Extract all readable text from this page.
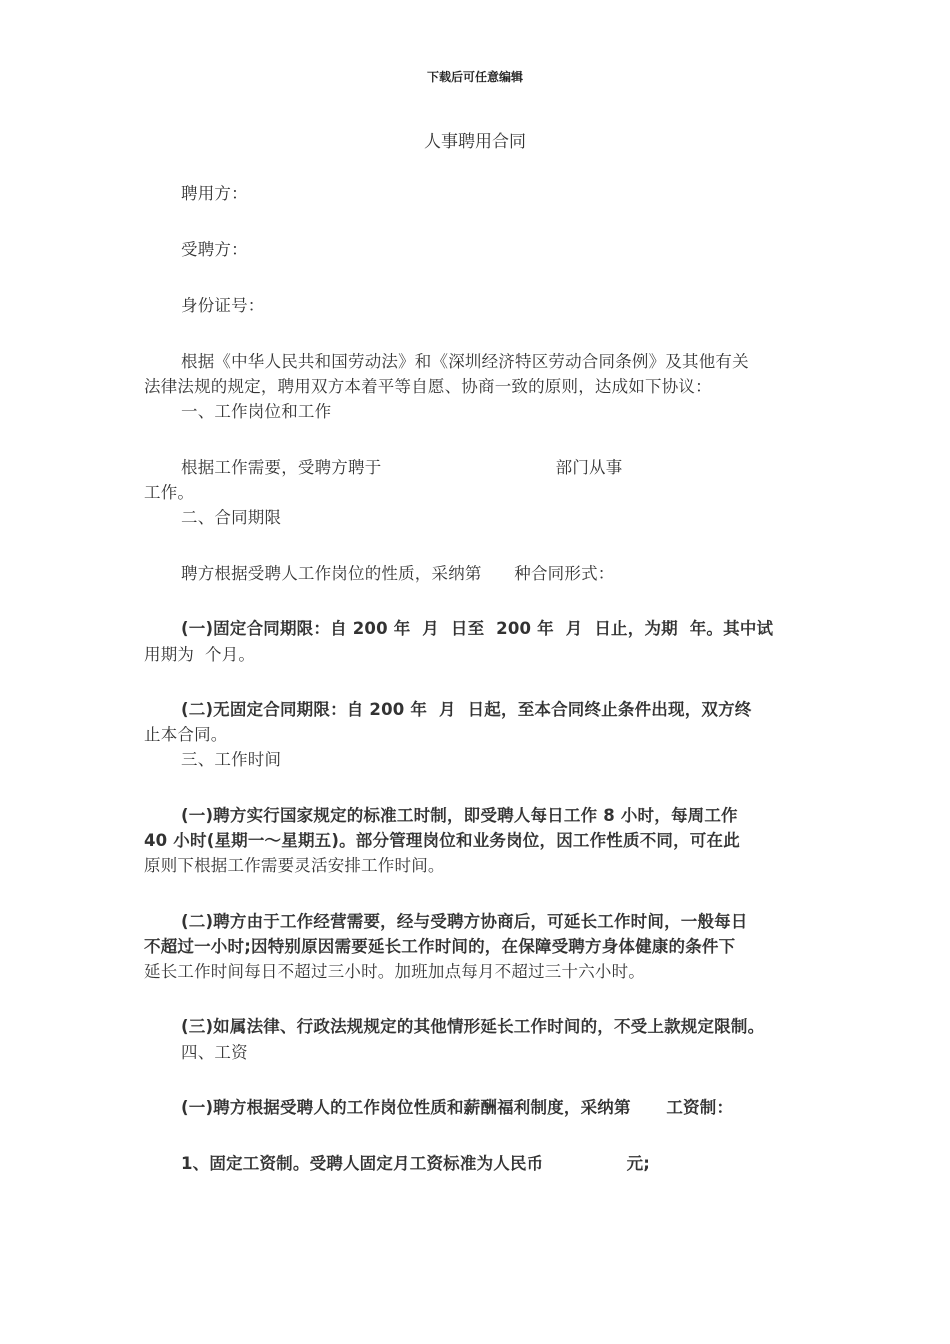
下载后可任意编辑
人事聘用合同
聘用方：
受聘方：
身份证号：
根据《中华人民共和国劳动法》和《深圳经济特区劳动合同条例》及其他有关
法律法规的规定，聘用双方本着平等自愿、协商一致的原则，达成如下协议：
一、工作岗位和工作
根据工作需要，受聘方聘于                                部门从事
工作。
二、合同期限
聘方根据受聘人工作岗位的性质，采纳第      种合同形式：
(一)固定合同期限：自 200 年  月  日至  200 年  月  日止，为期  年。其中试
用期为  个月。
(二)无固定合同期限：自 200 年  月  日起，至本合同终止条件出现，双方终
止本合同。
三、工作时间
(一)聘方实行国家规定的标准工时制，即受聘人每日工作 8 小时，每周工作
40 小时(星期一～星期五)。部分管理岗位和业务岗位，因工作性质不同，可在此
原则下根据工作需要灵活安排工作时间。
(二)聘方由于工作经营需要，经与受聘方协商后，可延长工作时间，一般每日
不超过一小时;因特别原因需要延长工作时间的，在保障受聘方身体健康的条件下
延长工作时间每日不超过三小时。加班加点每月不超过三十六小时。
(三)如属法律、行政法规规定的其他情形延长工作时间的，不受上款规定限制。
四、工资
(一)聘方根据受聘人的工作岗位性质和薪酬福利制度，采纳第      工资制：
1、固定工资制。受聘人固定月工资标准为人民币              元;
